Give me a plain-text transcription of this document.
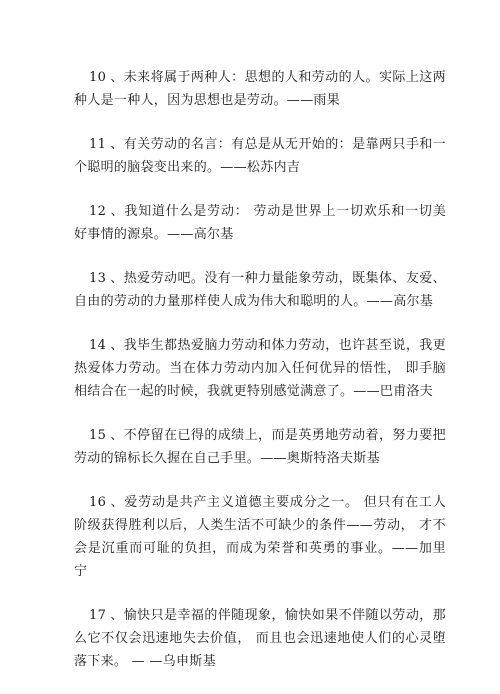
10 、未来将属于两种人：思想的人和劳动的人。实际上这两种人是一种人，因为思想也是劳动。——雨果

11 、有关劳动的名言：有总是从无开始的：是靠两只手和一个聪明的脑袋变出来的。——松苏内吉

12 、我知道什么是劳动： 劳动是世界上一切欢乐和一切美好事情的源泉。——高尔基

13 、热爱劳动吧。没有一种力量能象劳动，既集体、友爱、自由的劳动的力量那样使人成为伟大和聪明的人。——高尔基

14 、我毕生都热爱脑力劳动和体力劳动，也许甚至说，我更热爱体力劳动。当在体力劳动内加入任何优异的悟性， 即手脑相结合在一起的时候，我就更特别感觉满意了。——巴甫洛夫

15 、不停留在已得的成绩上，而是英勇地劳动着，努力要把劳动的锦标长久握在自己手里。——奥斯特洛夫斯基

16 、爱劳动是共产主义道德主要成分之一。 但只有在工人阶级获得胜利以后，人类生活不可缺少的条件——劳动， 才不会是沉重而可耻的负担，而成为荣誉和英勇的事业。——加里宁

17 、愉快只是幸福的伴随现象，愉快如果不伴随以劳动，那么它不仅会迅速地失去价值， 而且也会迅速地使人们的心灵堕落下来。 — —乌申斯基
